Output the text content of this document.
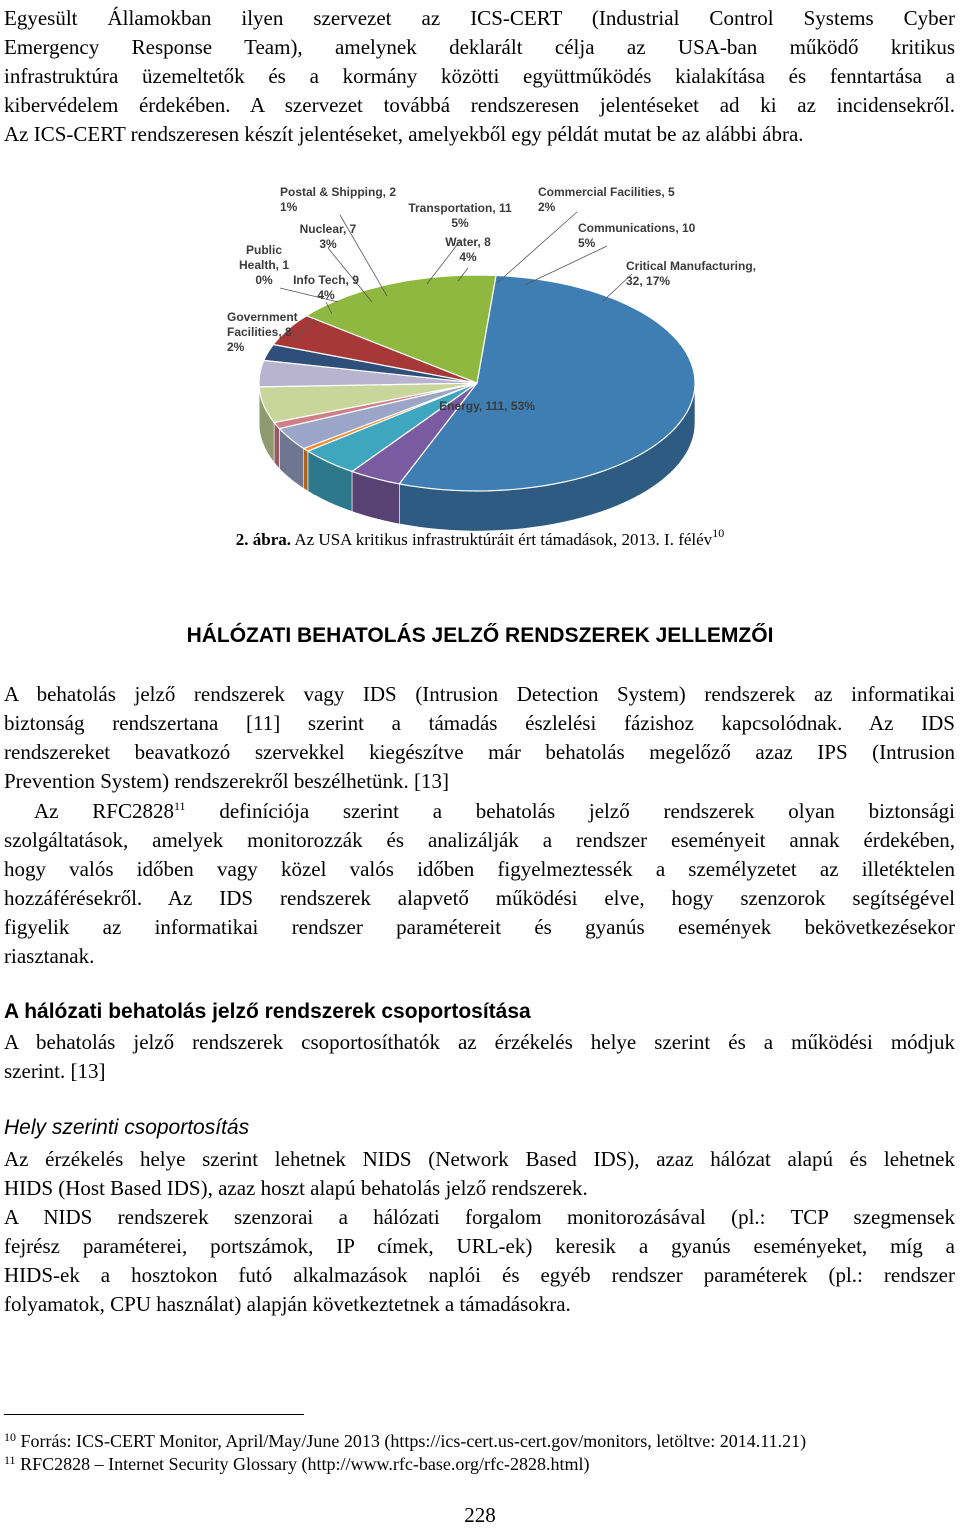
Egyesült Államokban ilyen szervezet az ICS-CERT (Industrial Control Systems Cyber
Emergency Response Team), amelynek deklarált célja az USA-ban működő kritikus
infrastruktúra üzemeltetők és a kormány közötti együttműködés kialakítása és fenntartása a
kibervédelem érdekében. A szervezet továbbá rendszeresen jelentéseket ad ki az incidensekről.
Az ICS-CERT rendszeresen készít jelentéseket, amelyekből egy példát mutat be az alábbi ábra.
Energy, 111, 53%
Postal & Shipping, 2 1%	Transportation, 11 5%
Nuclear, 7 3%	Water, 8 4%
Public Health, 1 0%	Info Tech, 9 4%
Government Facilities, 8 2%
Commercial Facilities, 5 2%
Communications, 10 5%
Critical Manufacturing, 32, 17%
2. ábra. Az USA kritikus infrastruktúráit ért támadások, 2013. I. félév$^{10}$
HÁLÓZATI BEHATOLÁS JELZŐ RENDSZEREK JELLEMZŐI
A behatolás jelző rendszerek vagy IDS (Intrusion Detection System) rendszerek az informatikai
biztonság rendszertana [11] szerint a támadás észlelési fázishoz kapcsolódnak. Az IDS
rendszereket beavatkozó szervekkel kiegészítve már behatolás megelőző azaz IPS (Intrusion
Prevention System) rendszerekről beszélhetünk. [13]
Az RFC2828$^{11}$ definíciója szerint a behatolás jelző rendszerek olyan biztonsági
szolgáltatások, amelyek monitorozzák és analizálják a rendszer eseményeit annak érdekében,
hogy valós időben vagy közel valós időben figyelmeztessék a személyzetet az illetéktelen
hozzáférésekről. Az IDS rendszerek alapvető működési elve, hogy szenzorok segítségével
figyelik az informatikai rendszer paramétereit és gyanús események bekövetkezésekor
riasztanak.
A hálózati behatolás jelző rendszerek csoportosítása
A behatolás jelző rendszerek csoportosíthatók az érzékelés helye szerint és a működési módjuk
szerint. [13]
Hely szerinti csoportosítás
Az érzékelés helye szerint lehetnek NIDS (Network Based IDS), azaz hálózat alapú és lehetnek
HIDS (Host Based IDS), azaz hoszt alapú behatolás jelző rendszerek.
A NIDS rendszerek szenzorai a hálózati forgalom monitorozásával (pl.: TCP szegmensek
fejrész paraméterei, portszámok, IP címek, URL-ek) keresik a gyanús eseményeket, míg a
HIDS-ek a hosztokon futó alkalmazások naplói és egyéb rendszer paraméterek (pl.: rendszer
folyamatok, CPU használat) alapján következtetnek a támadásokra.
$^{10}$ Forrás: ICS-CERT Monitor, April/May/June 2013 (https://ics-cert.us-cert.gov/monitors, letöltve: 2014.11.21)
$^{11}$ RFC2828 – Internet Security Glossary (http://www.rfc-base.org/rfc-2828.html)
228
